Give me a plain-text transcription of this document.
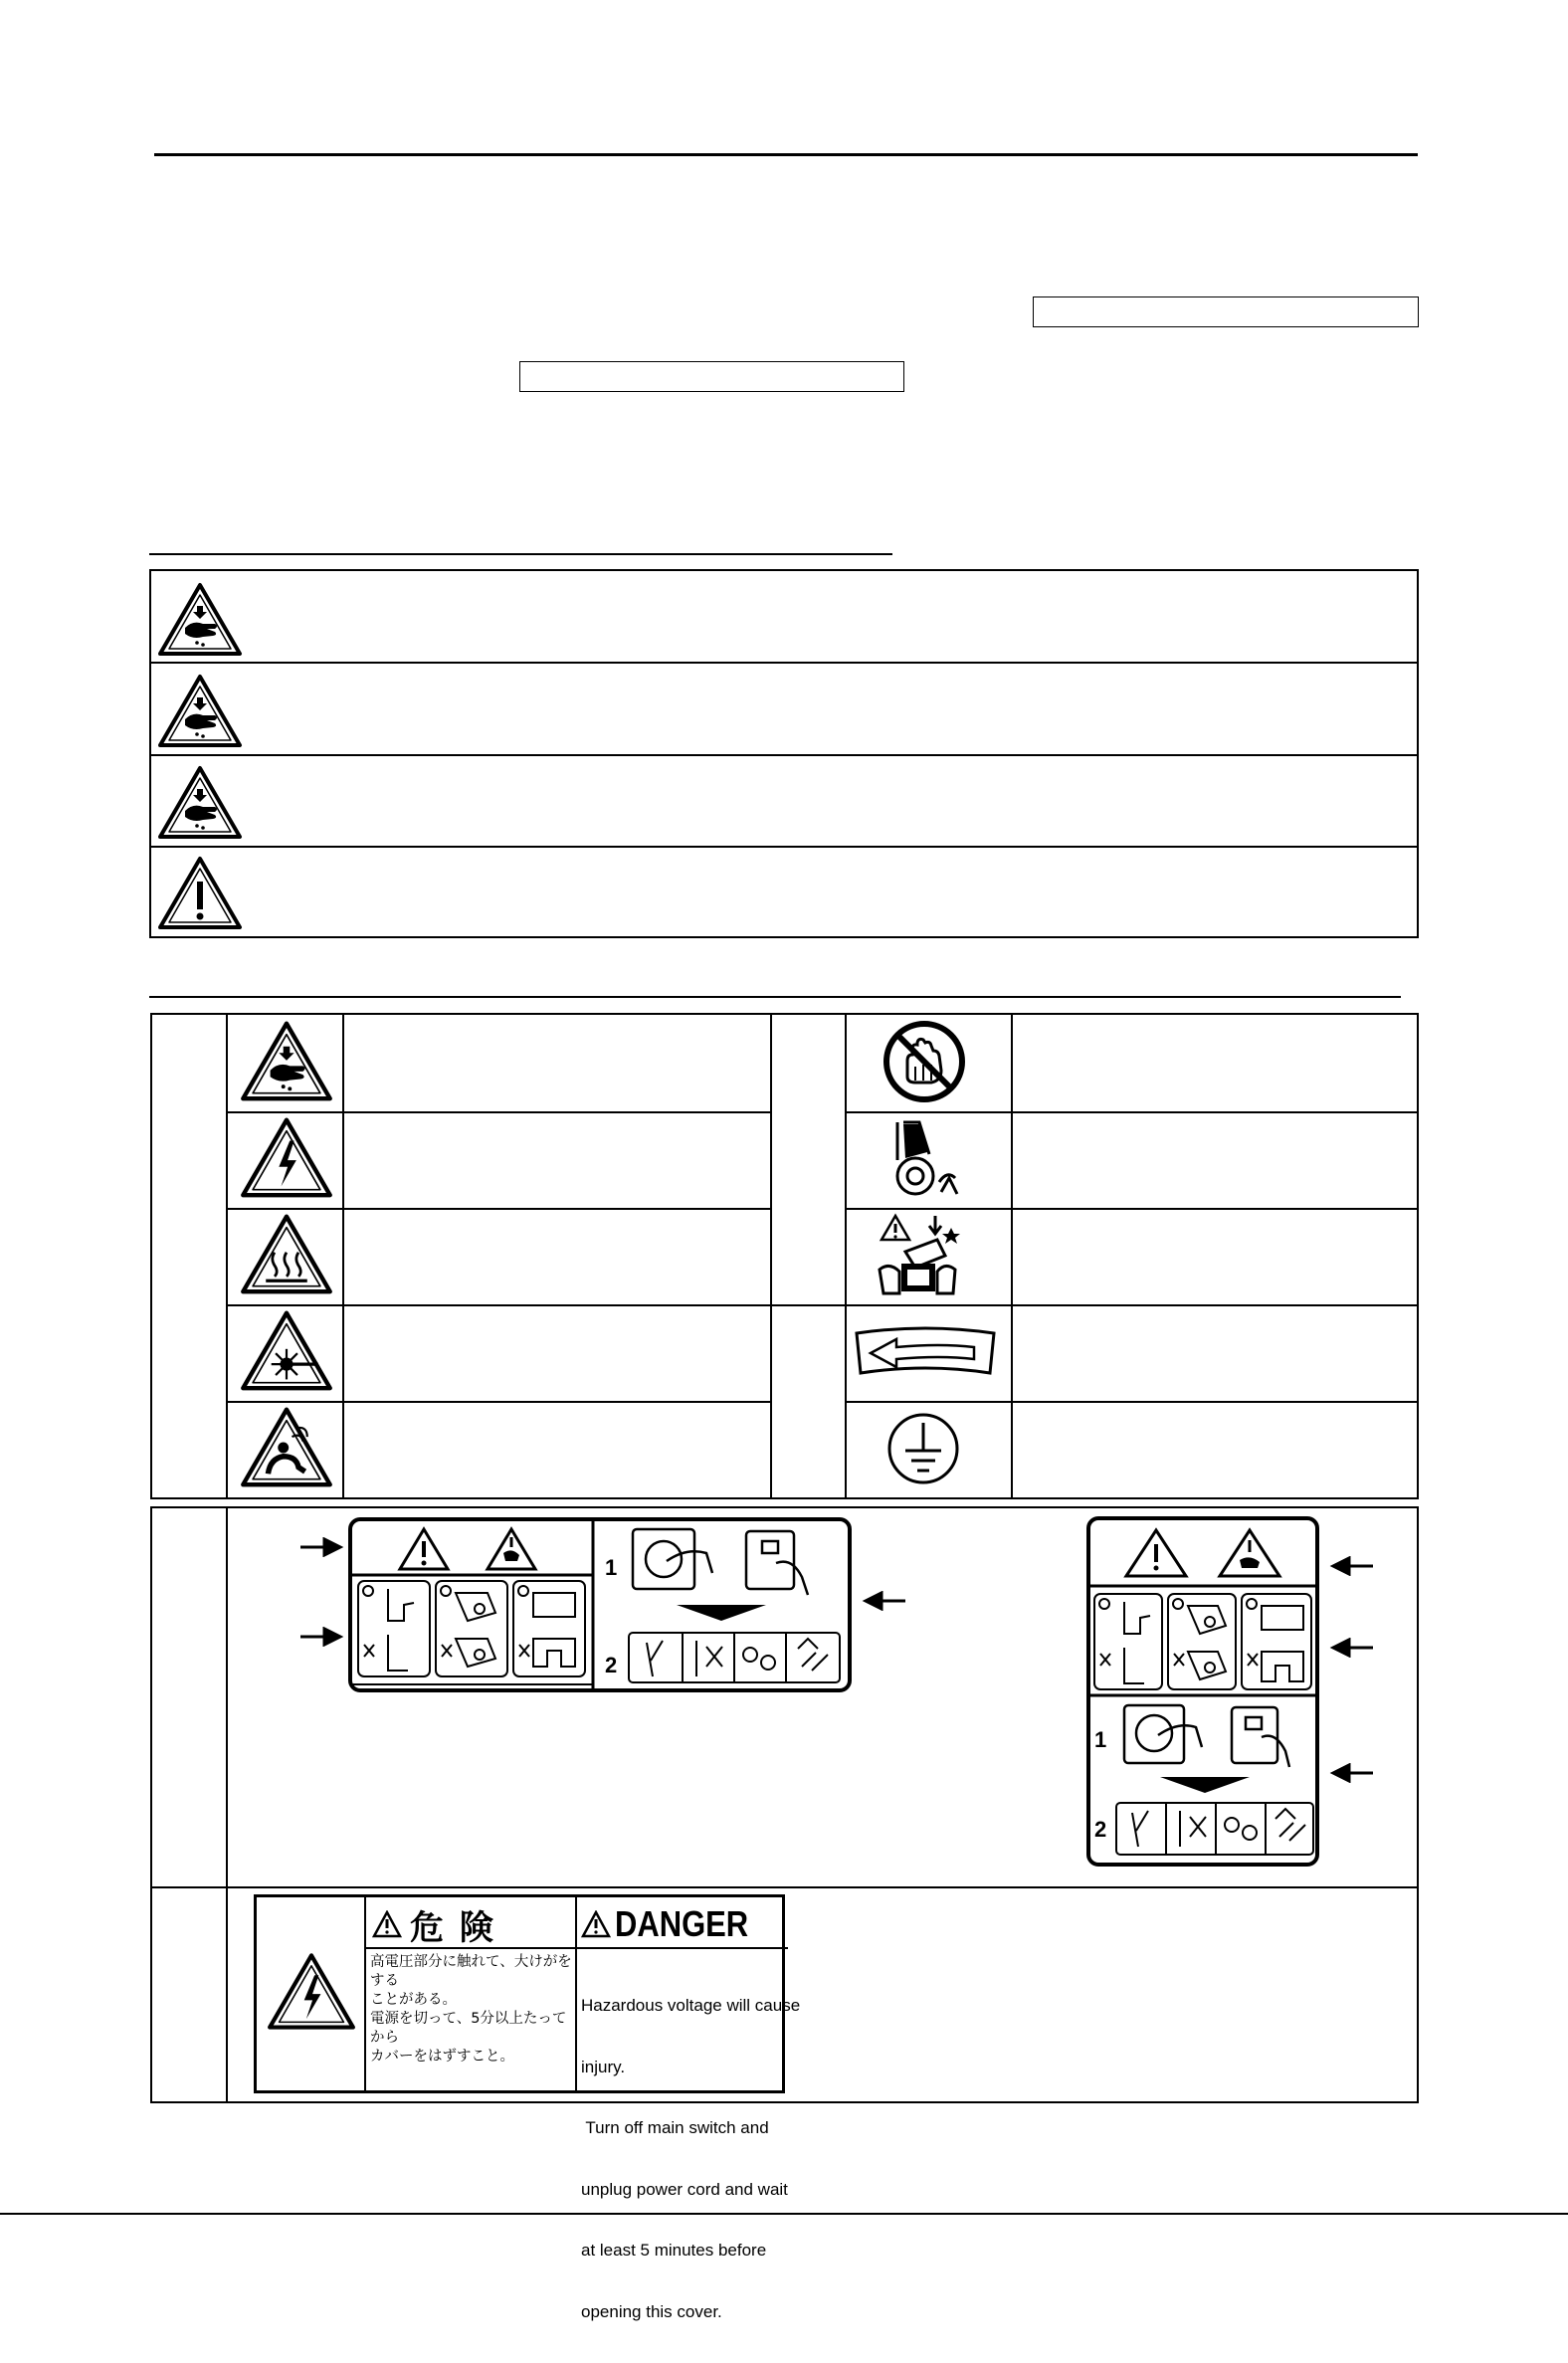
1
2
1
2
危 険	DANGER
高電圧部分に触れて、大けがをする
ことがある。
電源を切って、5分以上たってから
カバーをはずすこと。

Hazardous voltage will cause

injury.

Turn off main switch and

unplug power cord and wait

at least 5 minutes before

opening this cover.
